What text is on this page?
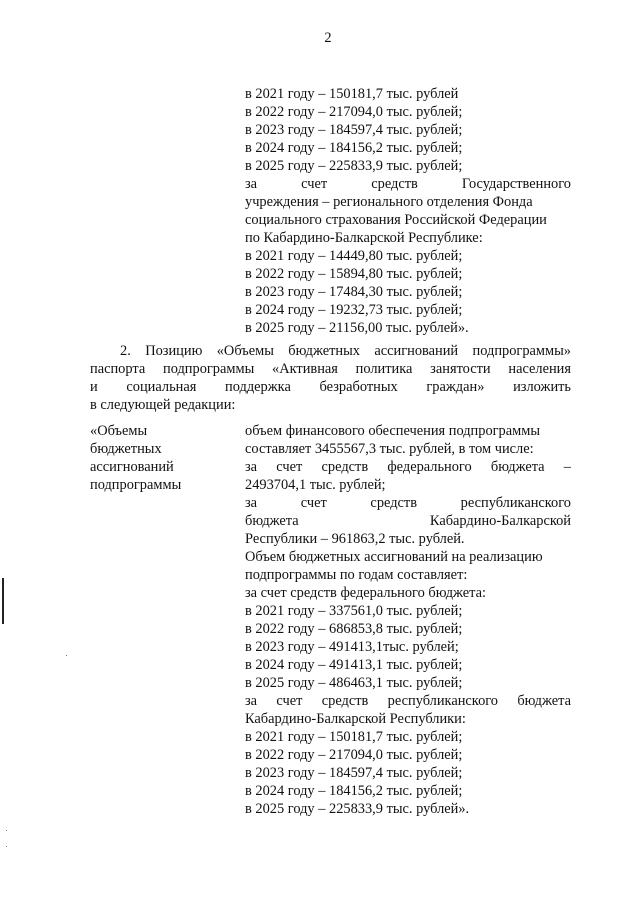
2
в 2021 году – 150181,7 тыс. рублей
в 2022 году – 217094,0 тыс. рублей;
в 2023 году – 184597,4 тыс. рублей;
в 2024 году – 184156,2 тыс. рублей;
в 2025 году – 225833,9 тыс. рублей;
за счет средств Государственного
учреждения – регионального отделения Фонда
социального страхования Российской Федерации
по Кабардино-Балкарской Республике:
в 2021 году – 14449,80 тыс. рублей;
в 2022 году – 15894,80 тыс. рублей;
в 2023 году – 17484,30 тыс. рублей;
в 2024 году – 19232,73 тыс. рублей;
в 2025 году – 21156,00 тыс. рублей».
2. Позицию «Объемы бюджетных ассигнований подпрограммы»
паспорта подпрограммы «Активная политика занятости населения
и социальная поддержка безработных граждан» изложить
в следующей редакции:
«Объемы
бюджетных
ассигнований
подпрограммы
объем финансового обеспечения подпрограммы
составляет 3455567,3 тыс. рублей, в том числе:
за счет средств федерального бюджета –
2493704,1 тыс. рублей;
за счет средств республиканского
бюджета Кабардино-Балкарской
Республики – 961863,2 тыс. рублей.
Объем бюджетных ассигнований на реализацию
подпрограммы по годам составляет:
за счет средств федерального бюджета:
в 2021 году – 337561,0 тыс. рублей;
в 2022 году – 686853,8 тыс. рублей;
в 2023 году – 491413,1тыс. рублей;
в 2024 году – 491413,1 тыс. рублей;
в 2025 году – 486463,1 тыс. рублей;
за счет средств республиканского бюджета
Кабардино-Балкарской Республики:
в 2021 году – 150181,7 тыс. рублей;
в 2022 году – 217094,0 тыс. рублей;
в 2023 году – 184597,4 тыс. рублей;
в 2024 году – 184156,2 тыс. рублей;
в 2025 году – 225833,9 тыс. рублей».
